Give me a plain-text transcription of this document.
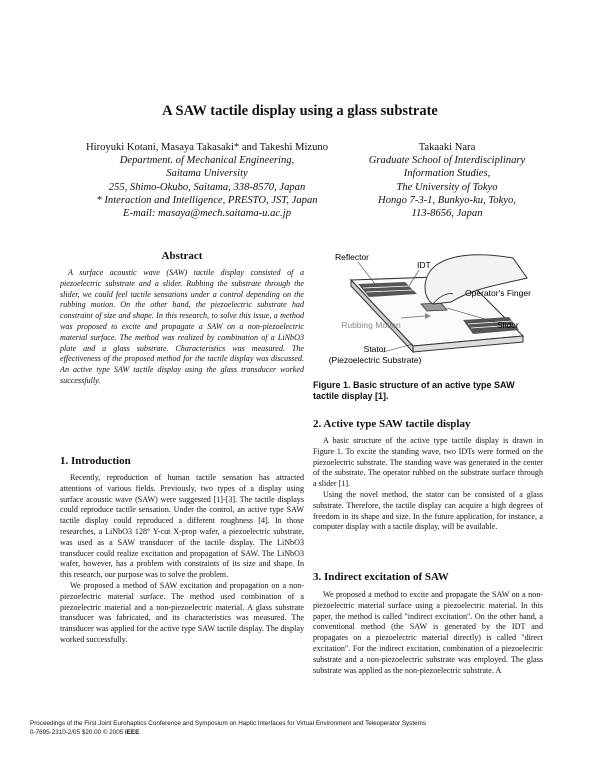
A SAW tactile display using a glass substrate
Hiroyuki Kotani, Masaya Takasaki* and Takeshi Mizuno
Department. of Mechanical Engineering,
Saitama University
255, Shimo-Okubo, Saitama, 338-8570, Japan
* Interaction and Intelligence, PRESTO, JST, Japan
E-mail: masaya@mech.saitama-u.ac.jp
Takaaki Nara
Graduate School of Interdisciplinary
Information Studies,
The University of Tokyo
Hongo 7-3-1, Bunkyo-ku, Tokyo,
113-8656, Japan
Abstract
A surface acoustic wave (SAW) tactile display consisted of a piezoelectric substrate and a slider. Rubbing the substrate through the slider, we could feel tactile sensations under a control depending on the rubbing motion. On the other hand, the piezoelectric substrate had constraint of size and shape. In this research, to solve this issue, a method was proposed to excite and propagate a SAW on a non-piezoelectric material surface. The method was realized by combination of a LiNbO3 plate and a glass substrate. Characteristics was measured. The effectiveness of the proposed method for the tactile display was discussed. An active type SAW tactile display using the glass transducer worked successfully.
1. Introduction

Recently, reproduction of human tactile sensation has attracted attentions of various fields. Previously, two types of a display using surface acoustic wave (SAW) were suggested [1]-[3]. The tactile displays could reproduce tactile sensation. Under the control, an active type SAW tactile display could reproduced a different roughness [4]. In those researches, a LiNbO3 128° Y-cut X-prop wafer, a piezoelectric substrate, was used as a SAW transducer of the tactile display. The LiNbO3 transducer could realize excitation and propagation of SAW. The LiNbO3 wafer, however, has a problem with constraints of its size and shape. In this research, our purpose was to solve the problem.

We proposed a method of SAW excitation and propagation on a non-piezoelectric material surface. The method used combination of a piezoelectric material and a non-piezoelectric material. A glass substrate transducer was fabricated, and its characteristics was measured. The transducer was applied for the active type SAW tactile display. The display worked successfully.

Reflector
IDT
Operator's Finger
Slider
Rubbing Motion
Stator
(Piezoelectric Substrate)
Figure 1. Basic structure of an active type SAW tactile display [1].
2. Active type SAW tactile display

A basic structure of the active type tactile display is drawn in Figure 1. To excite the standing wave, two IDTs were formed on the piezoelectric substrate. The standing wave was generated in the center of the substrate. The operator rubbed on the substrate surface through a slider [1].

Using the novel method, the stator can be consisted of a glass substrate. Therefore, the tactile display can acquire a high degrees of freedom in its shape and size. In the future application, for instance, a computer display with a tactile display, will be available.

3. Indirect excitation of SAW

We proposed a method to excite and propagate the SAW on a non-piezoelectric material surface using a piezoelectric material. In this paper, the method is called "indirect excitation". On the other hand, a conventional method (the SAW is generated by the IDT and propagates on a piezoelectric material directly) is called "direct excitation". For the indirect excitation, combination of a piezoelectric substrate and a non-piezoelectric substrate was employed. The glass substrate was applied as the non-piezoelectric substrate. A

Proceedings of the First Joint Eurohaptics Conference and Symposium on Haptic Interfaces for Virtual Environment and Teleoperator Systems
0-7695-2310-2/05 $20.00 © 2005 IEEE
